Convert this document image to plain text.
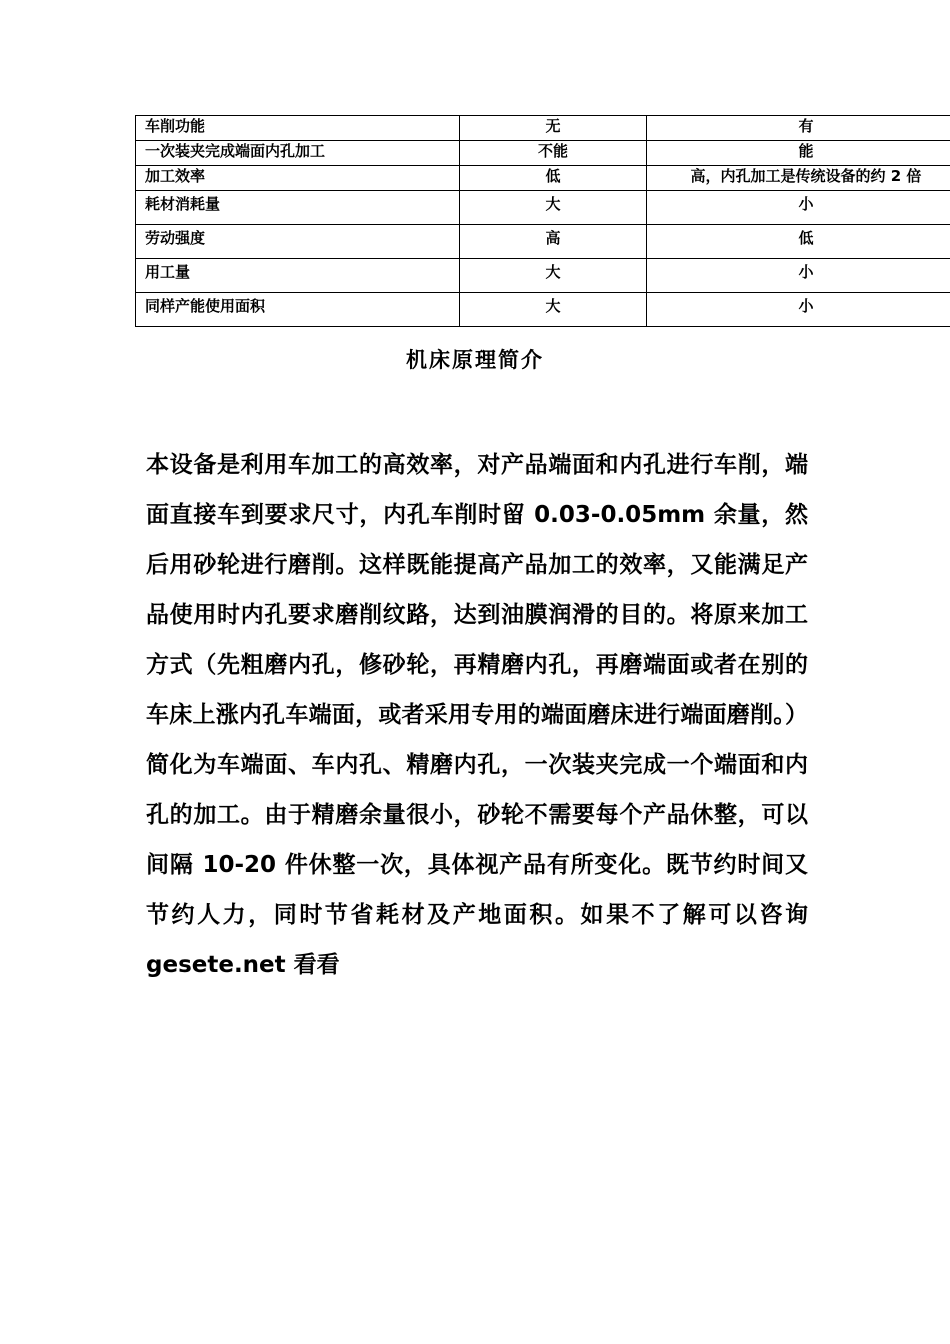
车削功能	无	有
一次装夹完成端面内孔加工	不能	能
加工效率	低	高，内孔加工是传统设备的约 2 倍
耗材消耗量	大	小
劳动强度	高	低
用工量	大	小
同样产能使用面积	大	小
机床原理简介
本设备是利用车加工的高效率，对产品端面和内孔进行车削，端面直接车到要求尺寸，内孔车削时留 0.03-0.05mm 余量，然后用砂轮进行磨削。这样既能提高产品加工的效率，又能满足产品使用时内孔要求磨削纹路，达到油膜润滑的目的。将原来加工方式（先粗磨内孔，修砂轮，再精磨内孔，再磨端面或者在别的车床上涨内孔车端面，或者采用专用的端面磨床进行端面磨削。）简化为车端面、车内孔、精磨内孔，一次装夹完成一个端面和内孔的加工。由于精磨余量很小，砂轮不需要每个产品休整，可以间隔 10-20 件休整一次，具体视产品有所变化。既节约时间又节约人力，同时节省耗材及产地面积。如果不了解可以咨询 gesete.net 看看
